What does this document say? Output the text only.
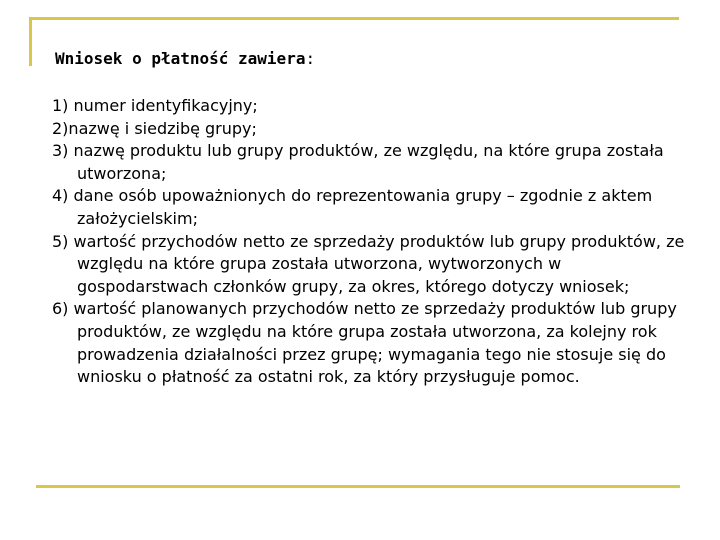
Wniosek o płatność zawiera:

1) numer identyfikacyjny;

2)nazwę i siedzibę grupy;

3) nazwę produktu lub grupy produktów, ze względu, na które grupa została utworzona;

4) dane osób upoważnionych do reprezentowania grupy – zgodnie z aktem założycielskim;

5) wartość przychodów netto ze sprzedaży produktów lub grupy produktów, ze względu na które grupa została utworzona, wytworzonych w gospodarstwach członków grupy, za okres, którego dotyczy wniosek;

6) wartość planowanych przychodów netto ze sprzedaży produktów lub grupy produktów, ze względu na które grupa została utworzona, za kolejny rok prowadzenia działalności przez grupę; wymagania tego nie stosuje się do wniosku o płatność za ostatni rok, za który przysługuje pomoc.
